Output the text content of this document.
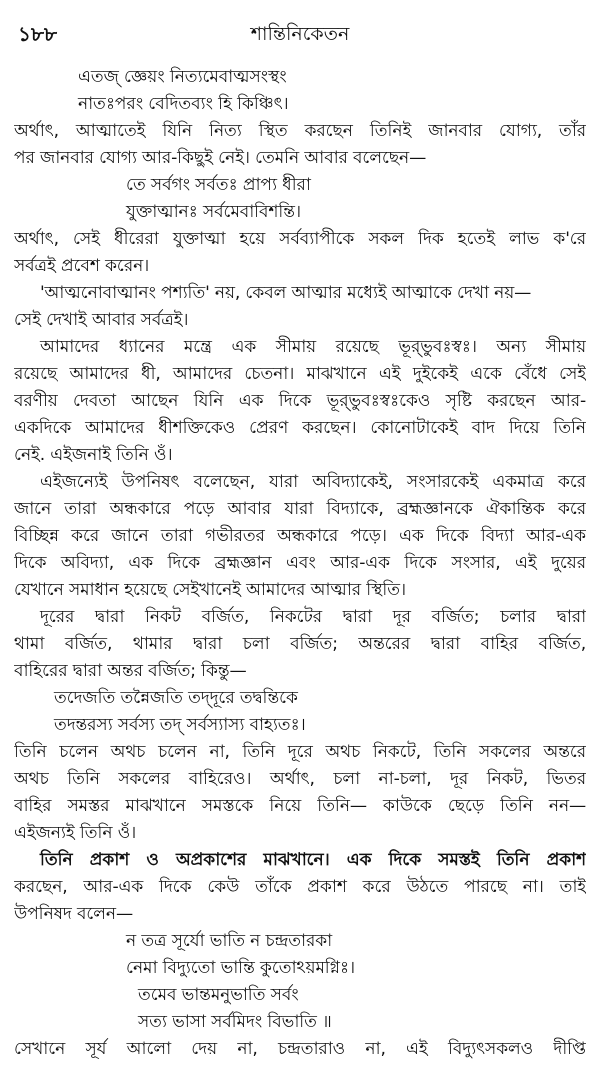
১৮৮	শান্তিনিকেতন
এতজ্‌ জ্ঞেয়ং নিত্যমেবাত্মসংস্থং
নাতঃপরং বেদিতব্যং হি কিঞ্চিৎ।
অর্থাৎ, আত্মাতেই যিনি নিত্য স্থিত করছেন তিনিই জানবার যোগ্য, তাঁর
পর জানবার যোগ্য আর-কিছুই নেই। তেমনি আবার বলেছেন—
তে সর্বগং সর্বতঃ প্রাপ্য ধীরা
যুক্তাত্মানঃ সর্বমেবাবিশন্তি।
অর্থাৎ, সেই ধীরেরা যুক্তাত্মা হয়ে সর্বব্যাপীকে সকল দিক হতেই লাভ ক'রে
সর্বত্রই প্রবেশ করেন।
'আত্মনোবাত্মানং পশ্যতি' নয়, কেবল আত্মার মধ্যেই আত্মাকে দেখা নয়—
সেই দেখাই আবার সর্বত্রই।
আমাদের ধ্যানের মন্ত্রে এক সীমায় রয়েছে ভূর্‌ভুবঃস্বঃ। অন্য সীমায়
রয়েছে আমাদের ধী, আমাদের চেতনা। মাঝখানে এই দুইকেই একে বেঁধে সেই
বরণীয় দেবতা আছেন যিনি এক দিকে ভূর্‌ভুবঃস্বঃকেও সৃষ্টি করছেন আর-
একদিকে আমাদের ধীশক্তিকেও প্রেরণ করছেন। কোনোটাকেই বাদ দিয়ে তিনি
নেই. এইজনাই তিনি ওঁ।
এইজন্যেই উপনিষৎ বলেছেন, যারা অবিদ্যাকেই, সংসারকেই একমাত্র করে
জানে তারা অন্ধকারে পড়ে আবার যারা বিদ্যাকে, ব্রহ্মজ্ঞানকে ঐকান্তিক করে
বিচ্ছিন্ন করে জানে তারা গভীরতর অন্ধকারে পড়ে। এক দিকে বিদ্যা আর-এক
দিকে অবিদ্যা, এক দিকে ব্রহ্মজ্ঞান এবং আর-এক দিকে সংসার, এই দুয়ের
যেখানে সমাধান হয়েছে সেইখানেই আমাদের আত্মার স্থিতি।
দূরের দ্বারা নিকট বর্জিত, নিকটের দ্বারা দূর বর্জিত; চলার দ্বারা
থামা বর্জিত, থামার দ্বারা চলা বর্জিত; অন্তরের দ্বারা বাহির বর্জিত,
বাহিরের দ্বারা অন্তর বর্জিত; কিন্তু—
তদেজতি তন্নৈজতি তদ্‌দূরে তদ্বন্তিকে
তদন্তরস্য সর্বস্য তদ্‌ সর্বস্যাস্য বাহ্যতঃ।
তিনি চলেন অথচ চলেন না, তিনি দূরে অথচ নিকটে, তিনি সকলের অন্তরে
অথচ তিনি সকলের বাহিরেও। অর্থাৎ, চলা না-চলা, দূর নিকট, ভিতর
বাহির সমস্তর মাঝখানে সমস্তকে নিয়ে তিনি— কাউকে ছেড়ে তিনি নন—
এইজন্যই তিনি ওঁ।
তিনি প্রকাশ ও অপ্রকাশের মাঝখানে। এক দিকে সমস্তই তিনি প্রকাশ
করছেন, আর-এক দিকে কেউ তাঁকে প্রকাশ করে উঠতে পারছে না। তাই
উপনিষদ বলেন—
ন তত্র সূর্যো ভাতি ন চন্দ্রতারকা
নেমা বিদ্যুতো ভান্তি কুতোঽয়মগ্নিঃ।
তমেব ভান্তমনুভাতি সর্বং
সত্য ভাসা সর্বমিদং বিভাতি ॥
সেখানে সূর্য আলো দেয় না, চন্দ্রতারাও না, এই বিদ্যুৎসকলও দীপ্তি
